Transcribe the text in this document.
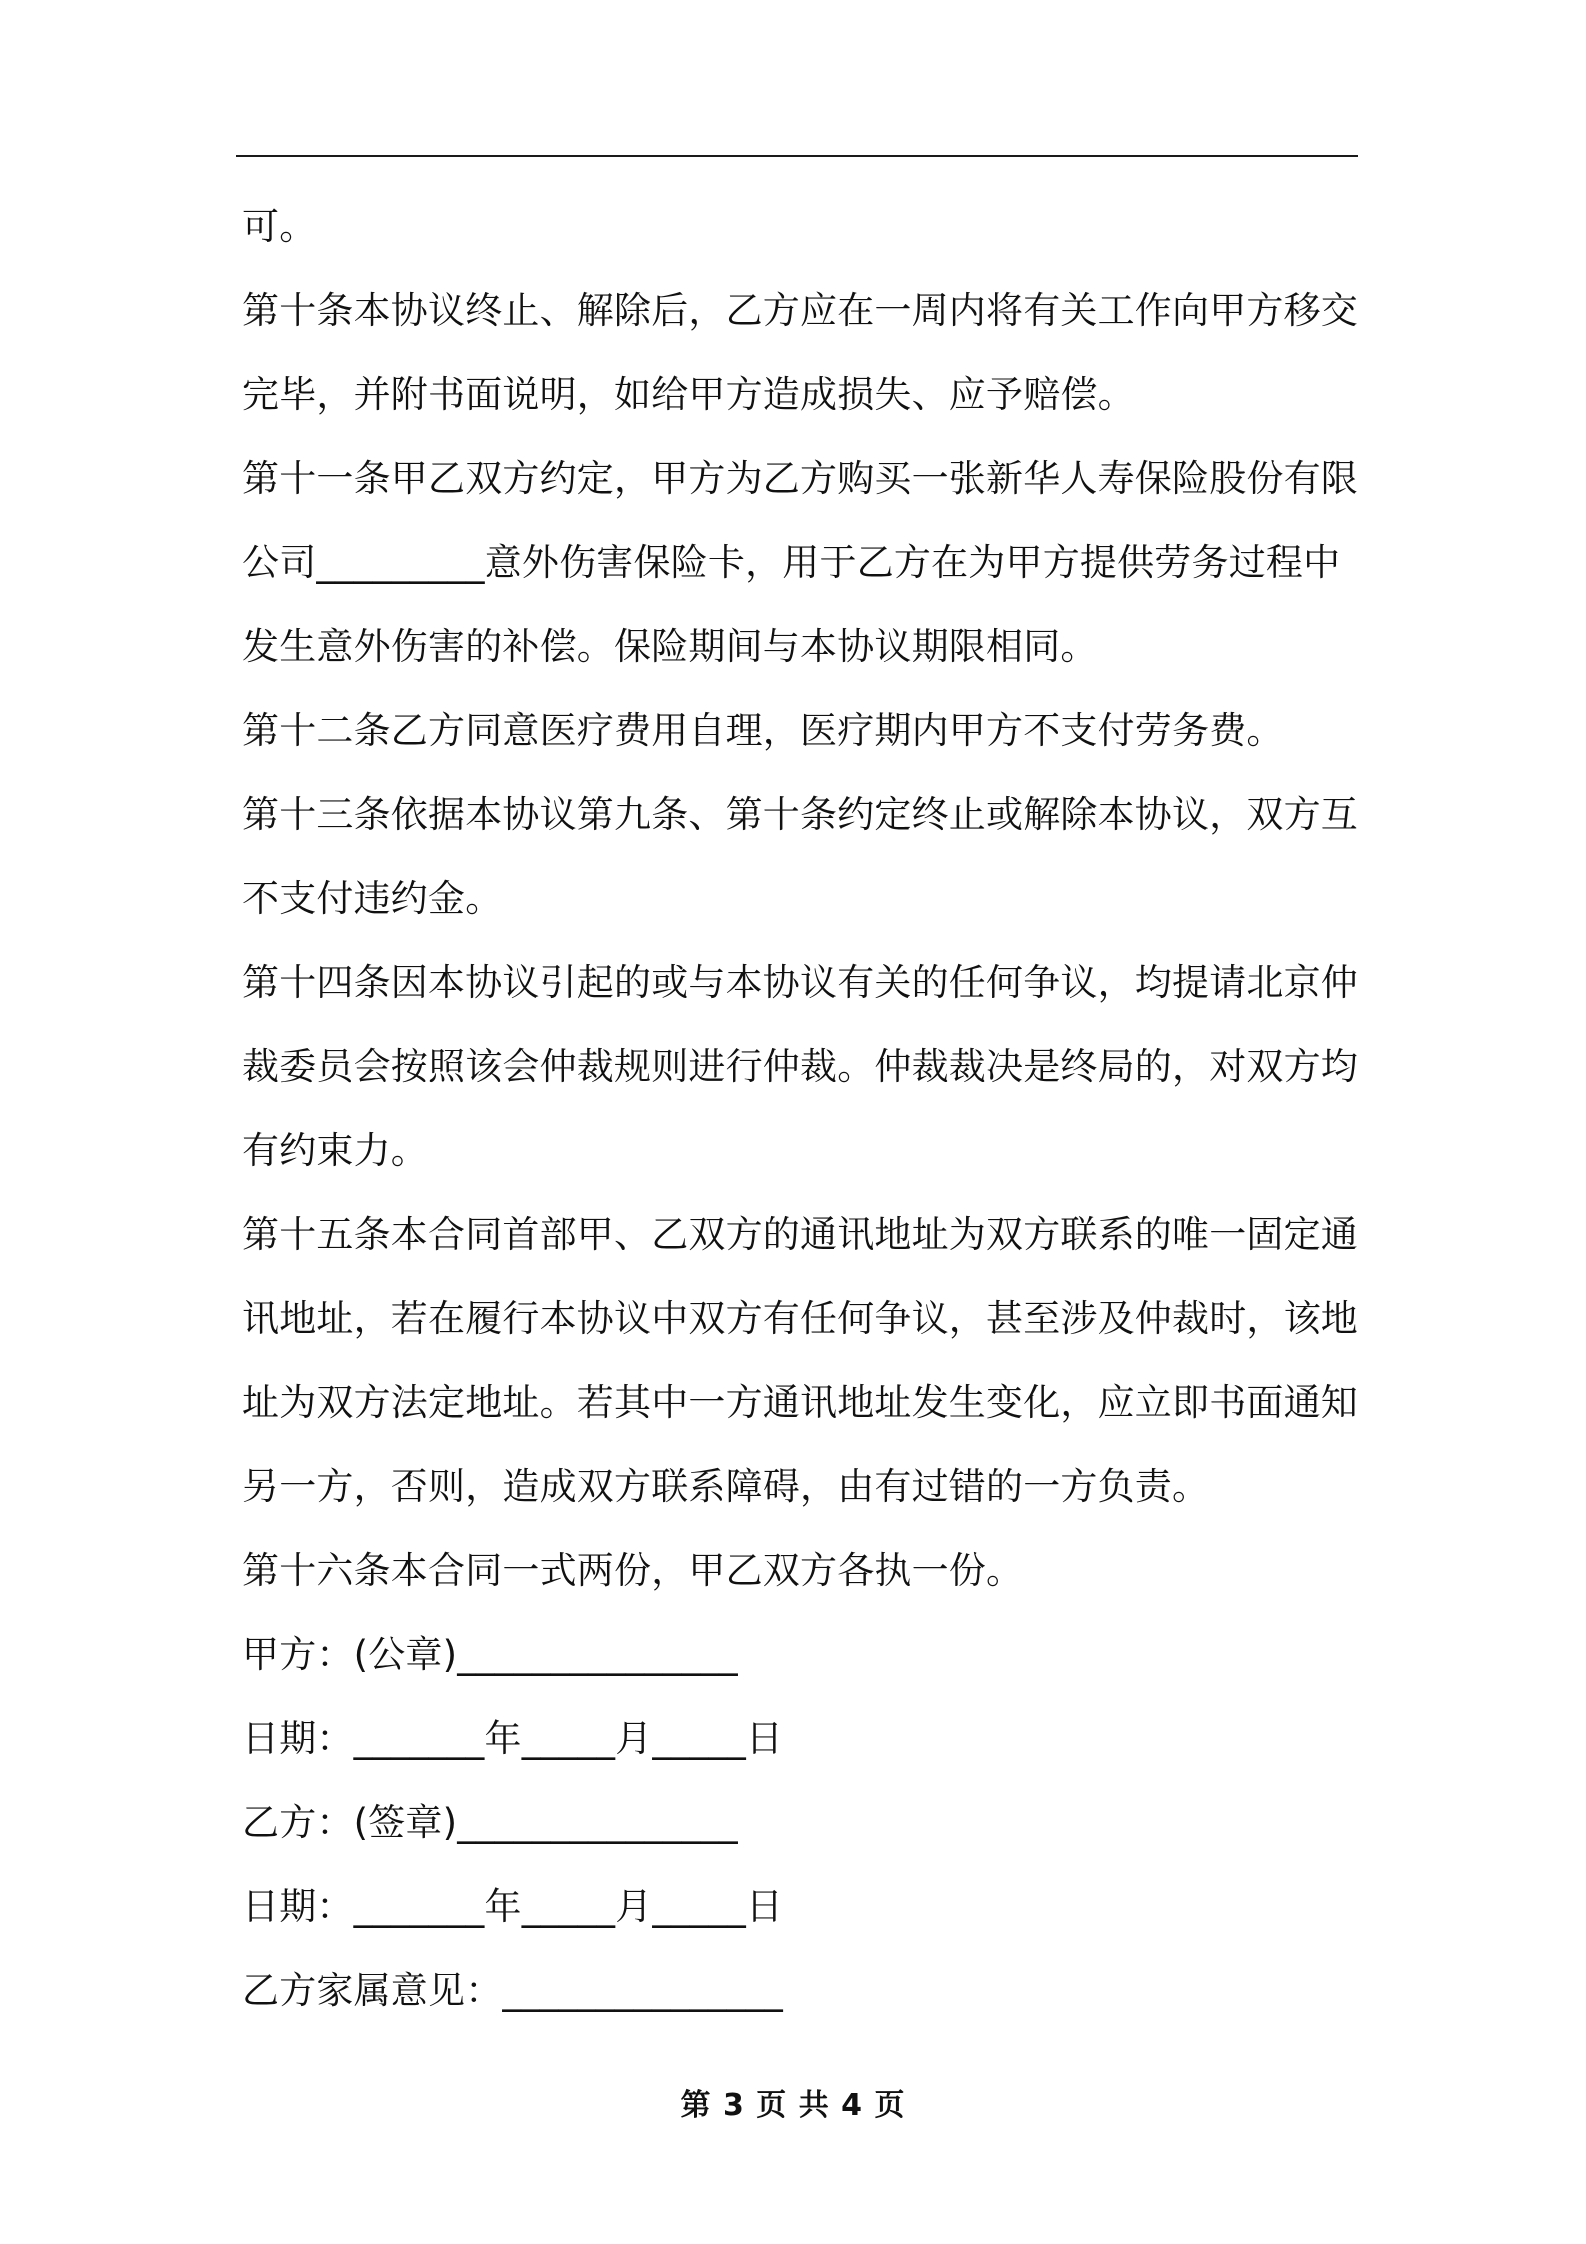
可。
第十条本协议终止、解除后，乙方应在一周内将有关工作向甲方移交
完毕，并附书面说明，如给甲方造成损失、应予赔偿。
第十一条甲乙双方约定，甲方为乙方购买一张新华人寿保险股份有限
公司_________意外伤害保险卡，用于乙方在为甲方提供劳务过程中
发生意外伤害的补偿。保险期间与本协议期限相同。
第十二条乙方同意医疗费用自理，医疗期内甲方不支付劳务费。
第十三条依据本协议第九条、第十条约定终止或解除本协议，双方互
不支付违约金。
第十四条因本协议引起的或与本协议有关的任何争议，均提请北京仲
裁委员会按照该会仲裁规则进行仲裁。仲裁裁决是终局的，对双方均
有约束力。
第十五条本合同首部甲、乙双方的通讯地址为双方联系的唯一固定通
讯地址，若在履行本协议中双方有任何争议，甚至涉及仲裁时，该地
址为双方法定地址。若其中一方通讯地址发生变化，应立即书面通知
另一方，否则，造成双方联系障碍，由有过错的一方负责。
第十六条本合同一式两份，甲乙双方各执一份。
甲方：(公章)_______________
日期：_______年_____月_____日
乙方：(签章)_______________
日期：_______年_____月_____日
乙方家属意见：_______________
第 3 页 共 4 页
